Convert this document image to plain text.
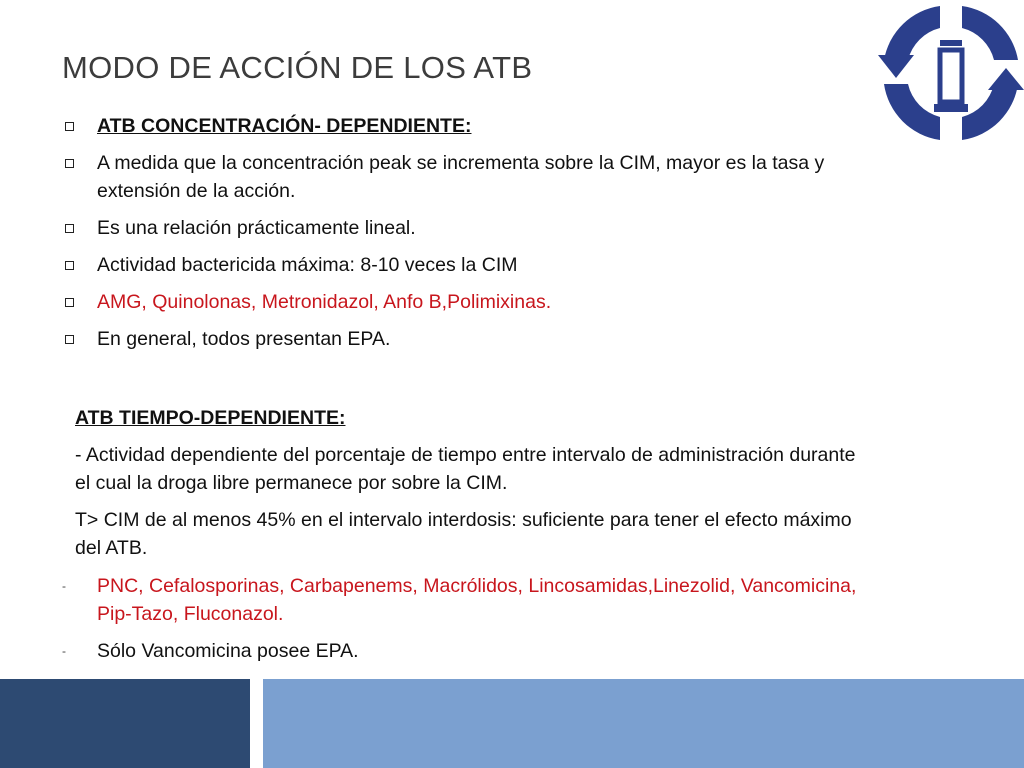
MODO DE ACCIÓN DE LOS ATB
ATB CONCENTRACIÓN- DEPENDIENTE:
A medida que la concentración peak se incrementa sobre la CIM, mayor es la tasa y extensión de la acción.
Es una relación prácticamente lineal.
Actividad bactericida máxima: 8-10 veces la CIM
AMG, Quinolonas, Metronidazol, Anfo B,Polimixinas.
En general, todos presentan EPA.

ATB TIEMPO-DEPENDIENTE:

- Actividad dependiente del porcentaje de tiempo entre intervalo de administración durante el cual la droga libre permanece por sobre la CIM.

T> CIM de al menos 45% en el intervalo interdosis: suficiente para tener el efecto máximo del ATB.

- PNC, Cefalosporinas, Carbapenems, Macrólidos, Lincosamidas,Linezolid, Vancomicina, Pip-Tazo, Fluconazol.
- Sólo Vancomicina posee EPA.
